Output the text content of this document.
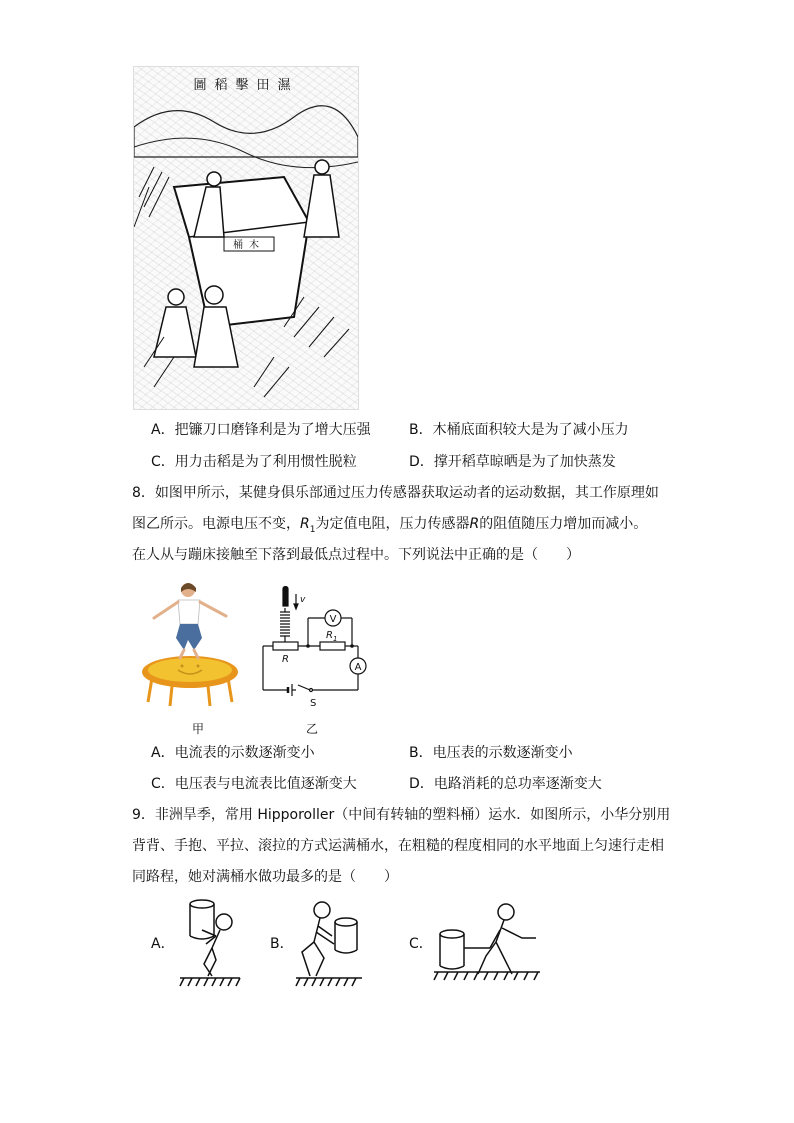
圖稻擊田濕
桶木
A．把镰刀口磨锋利是为了增大压强	B．木桶底面积较大是为了减小压力
C．用力击稻是为了利用惯性脱粒	D．撑开稻草晾晒是为了加快蒸发
8．如图甲所示，某健身俱乐部通过压力传感器获取运动者的运动数据，其工作原理如
图乙所示。电源电压不变，$R_1$为定值电阻，压力传感器R的阻值随压力增加而减小。
在人从与蹦床接触至下落到最低点过程中。下列说法中正确的是（　　）
甲
v
V
A
R
$R_1$
S
乙
A．电流表的示数逐渐变小	B．电压表的示数逐渐变小
C．电压表与电流表比值逐渐变大	D．电路消耗的总功率逐渐变大
9．非洲旱季，常用 Hipporoller（中间有转轴的塑料桶）运水．如图所示，小华分别用
背背、手抱、平拉、滚拉的方式运满桶水，在粗糙的程度相同的水平地面上匀速行走相
同路程，她对满桶水做功最多的是（　　）
A．	B．	C．
